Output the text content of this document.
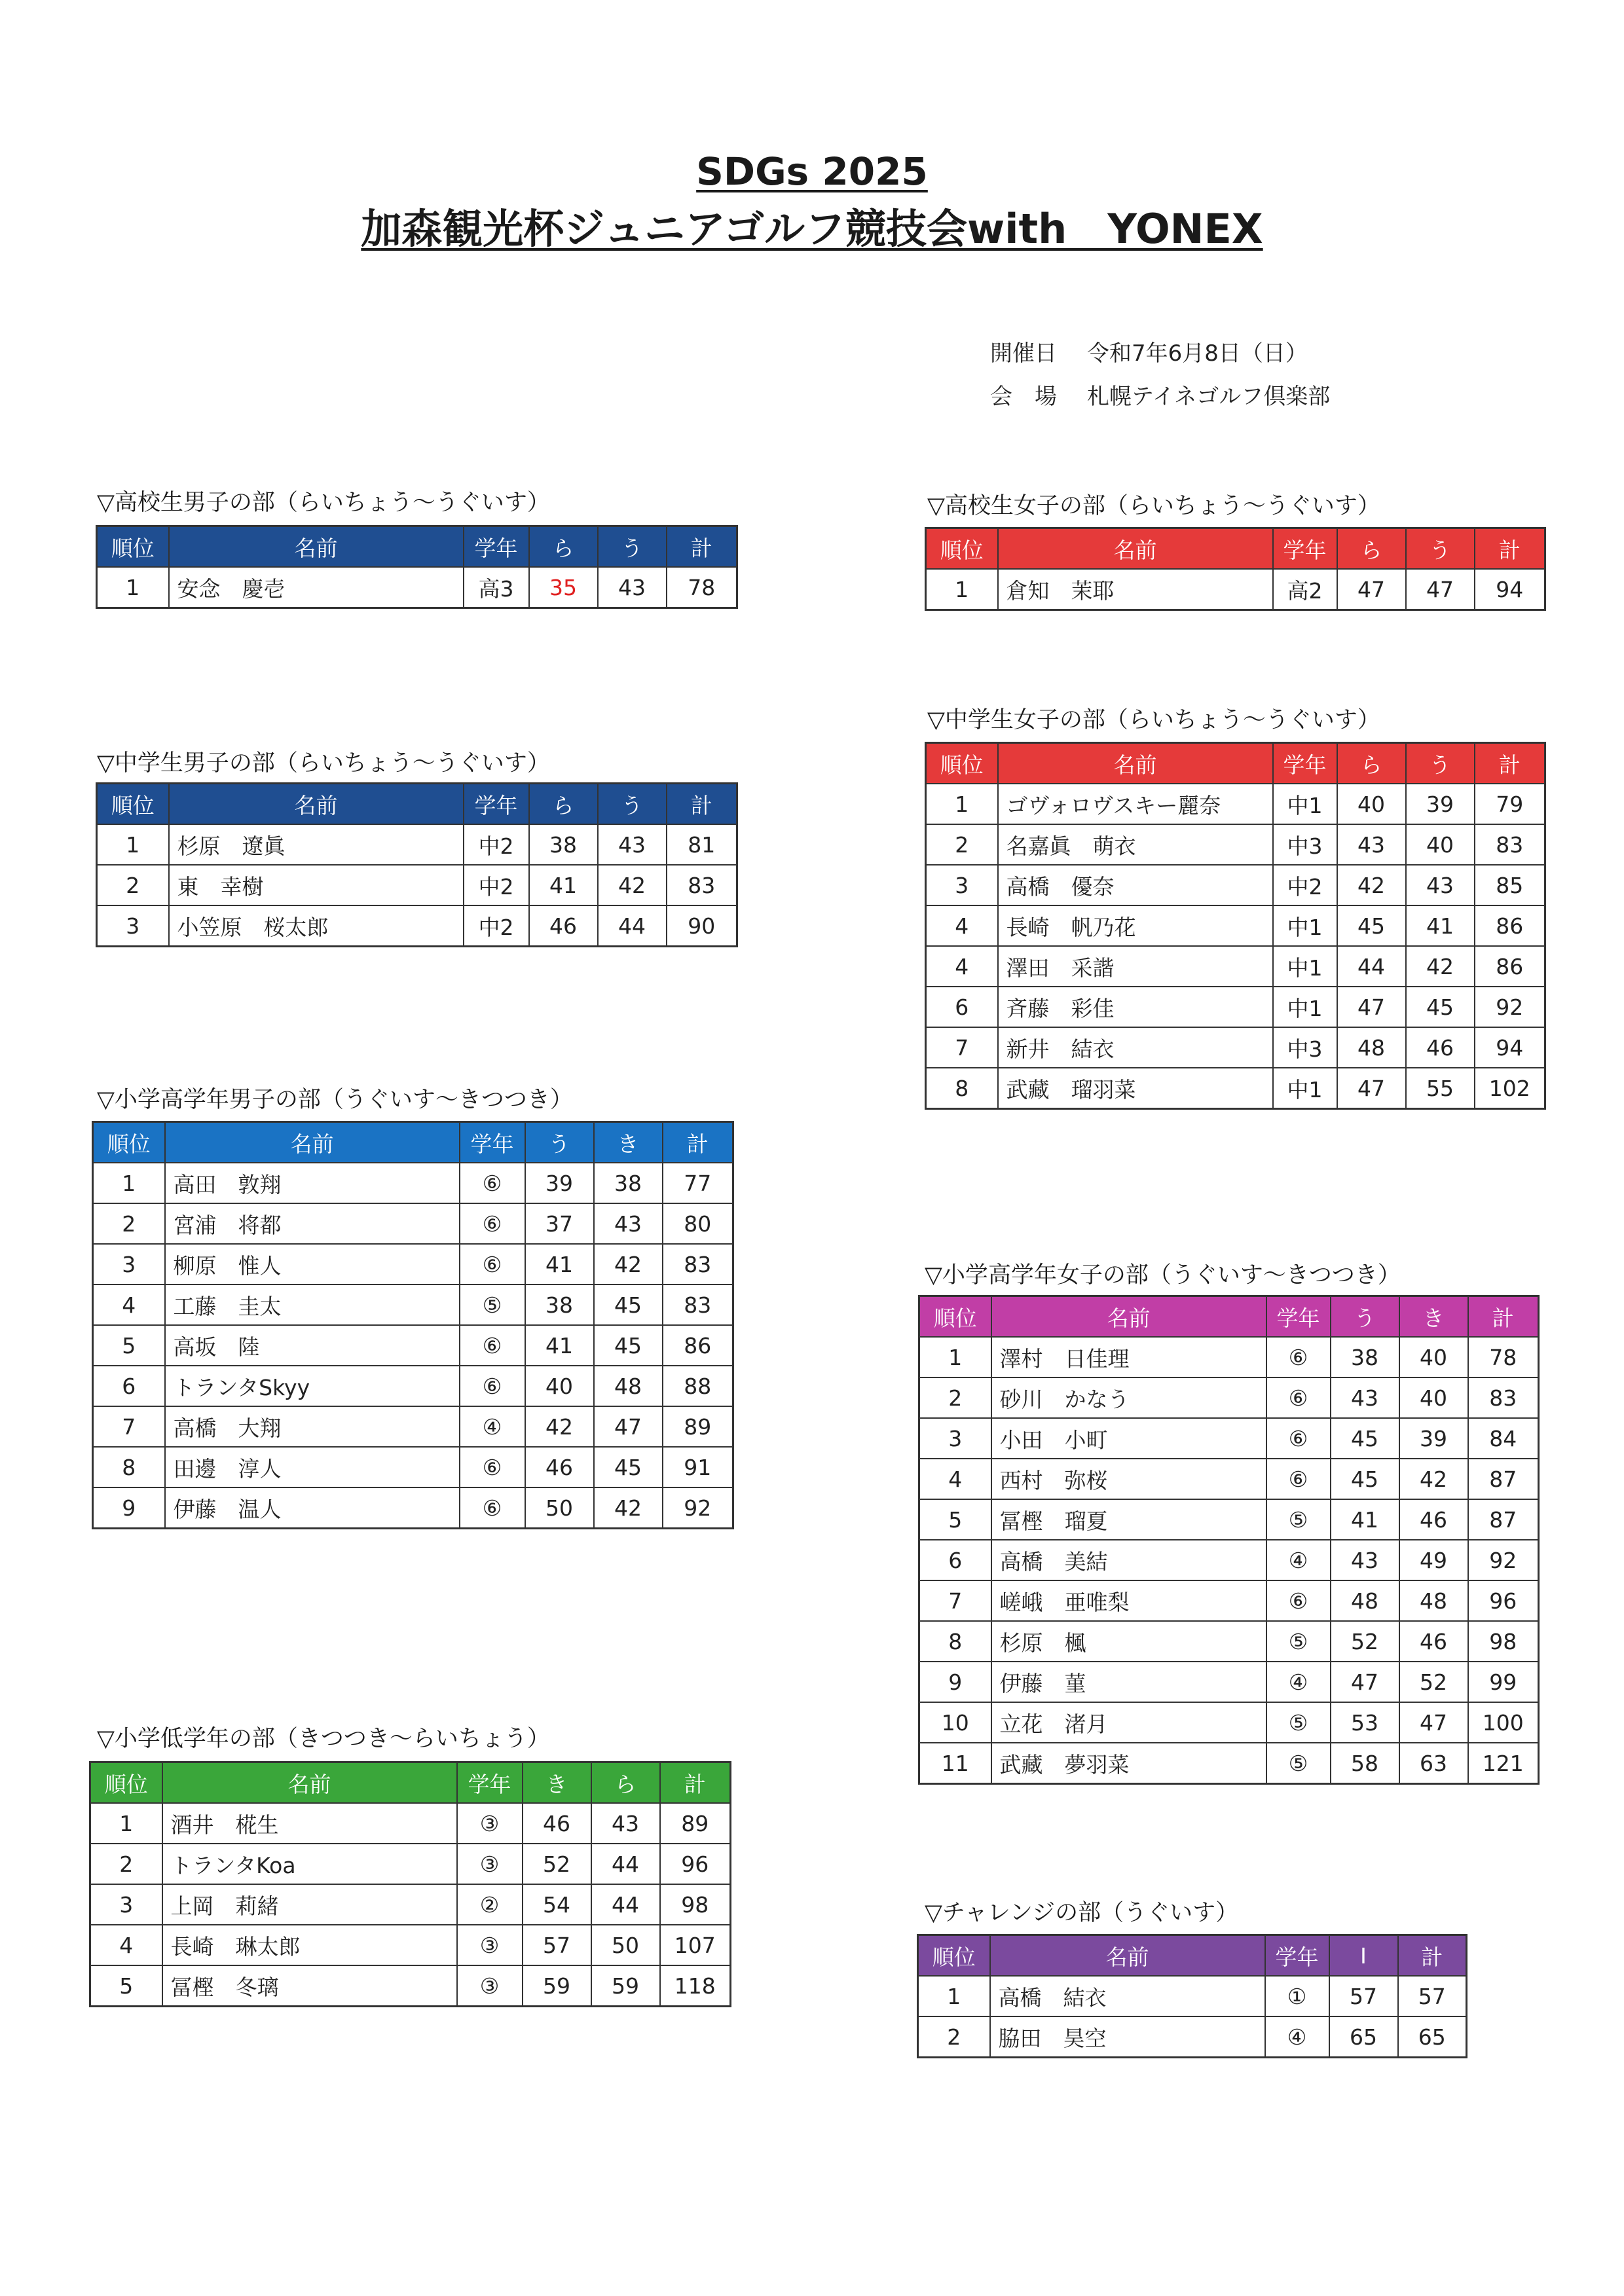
SDGs 2025
加森観光杯ジュニアゴルフ競技会with　YONEX
開催日 令和7年6月8日（日）
会　場 札幌テイネゴルフ倶楽部
▽高校生男子の部（らいちょう～うぐいす）
順位	名前	学年	ら	う	計
1	安念　慶壱	高3	35	43	78
▽高校生女子の部（らいちょう～うぐいす）
順位	名前	学年	ら	う	計
1	倉知　茉耶	高2	47	47	94
▽中学生男子の部（らいちょう～うぐいす）
順位	名前	学年	ら	う	計
1	杉原　遼眞	中2	38	43	81
2	東　幸樹	中2	41	42	83
3	小笠原　桜太郎	中2	46	44	90
▽中学生女子の部（らいちょう～うぐいす）
順位	名前	学年	ら	う	計
1	ゴヴォロヴスキー麗奈	中1	40	39	79
2	名嘉眞　萌衣	中3	43	40	83
3	高橋　優奈	中2	42	43	85
4	長崎　帆乃花	中1	45	41	86
4	澤田　采諧	中1	44	42	86
6	斉藤　彩佳	中1	47	45	92
7	新井　結衣	中3	48	46	94
8	武藏　瑠羽菜	中1	47	55	102
▽小学高学年男子の部（うぐいす～きつつき）
順位	名前	学年	う	き	計
1	高田　敦翔	⑥	39	38	77
2	宮浦　将都	⑥	37	43	80
3	柳原　惟人	⑥	41	42	83
4	工藤　圭太	⑤	38	45	83
5	高坂　陸	⑥	41	45	86
6	トランタSkyy	⑥	40	48	88
7	高橋　大翔	④	42	47	89
8	田邊　淳人	⑥	46	45	91
9	伊藤　温人	⑥	50	42	92
▽小学高学年女子の部（うぐいす～きつつき）
順位	名前	学年	う	き	計
1	澤村　日佳理	⑥	38	40	78
2	砂川　かなう	⑥	43	40	83
3	小田　小町	⑥	45	39	84
4	西村　弥桜	⑥	45	42	87
5	冨樫　瑠夏	⑤	41	46	87
6	高橋　美結	④	43	49	92
7	嵯峨　亜唯梨	⑥	48	48	96
8	杉原　楓	⑤	52	46	98
9	伊藤　菫	④	47	52	99
10	立花　渚月	⑤	53	47	100
11	武藏　夢羽菜	⑤	58	63	121
▽小学低学年の部（きつつき～らいちょう）
順位	名前	学年	き	ら	計
1	酒井　椛生	③	46	43	89
2	トランタKoa	③	52	44	96
3	上岡　莉緒	②	54	44	98
4	長崎　琳太郎	③	57	50	107
5	冨樫　冬璃	③	59	59	118
▽チャレンジの部（うぐいす）
順位	名前	学年	Ⅰ	計
1	高橋　結衣	①	57	57
2	脇田　昊空	④	65	65
